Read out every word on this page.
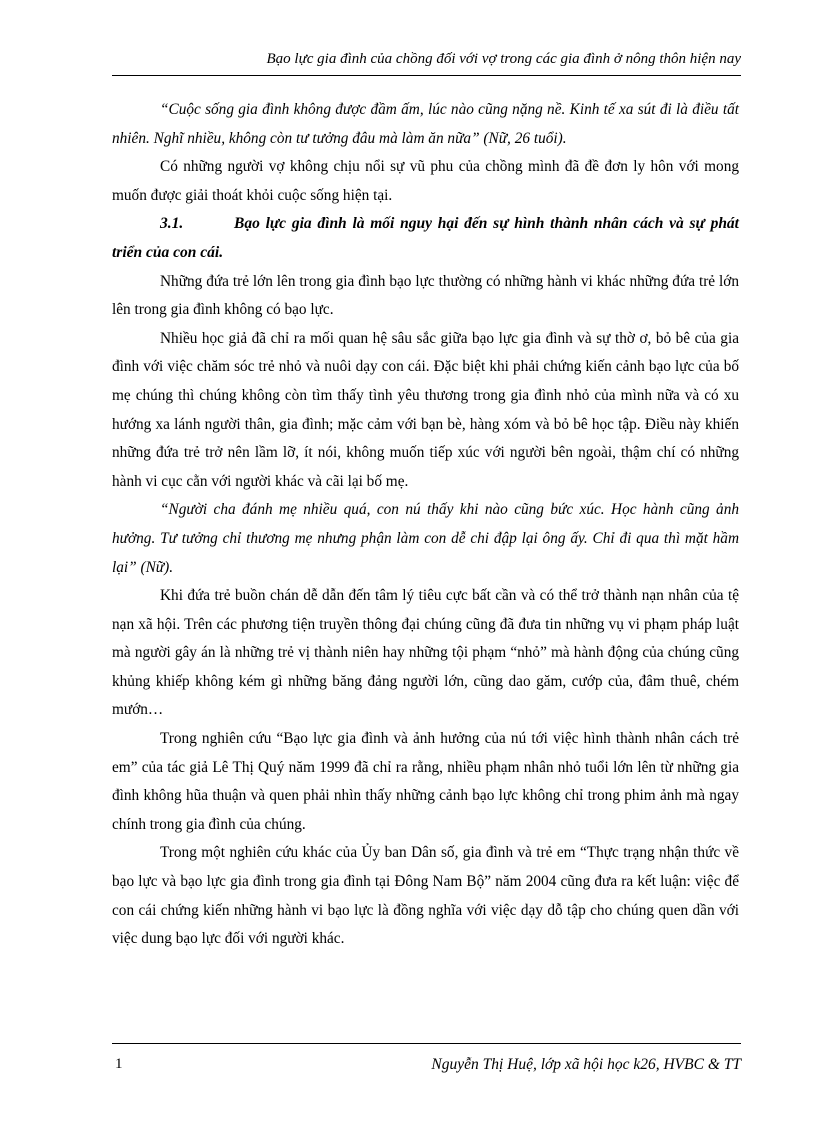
Bạo lực gia đình của chồng đối với vợ trong các gia đình ở nông thôn hiện nay

“Cuộc sống gia đình không được đầm ấm, lúc nào cũng nặng nề. Kinh tế xa sút đi là điều tất nhiên. Nghĩ nhiều, không còn tư tưởng đâu mà làm ăn nữa” (Nữ, 26 tuổi).

Có những người vợ không chịu nổi sự vũ phu của chồng mình đã đề đơn ly hôn với mong muốn được giải thoát khỏi cuộc sống hiện tại.

3.1.	Bạo lực gia đình là mối nguy hại đến sự hình thành nhân cách và sự phát triển của con cái.

Những đứa trẻ lớn lên trong gia đình bạo lực thường có những hành vi khác những đứa trẻ lớn lên trong gia đình không có bạo lực.

Nhiều học giả đã chỉ ra mối quan hệ sâu sắc giữa bạo lực gia đình và sự thờ ơ, bỏ bê của gia đình với việc chăm sóc trẻ nhỏ và nuôi dạy con cái. Đặc biệt khi phải chứng kiến cảnh bạo lực của bố mẹ chúng thì chúng không còn tìm thấy tình yêu thương trong gia đình nhỏ của mình nữa và có xu hướng xa lánh người thân, gia đình; mặc cảm với bạn bè, hàng xóm và bỏ bê học tập. Điều này khiến những đứa trẻ trở nên lầm lỡ, ít nói, không muốn tiếp xúc với người bên ngoài, thậm chí có những hành vi cục cằn với người khác và cãi lại bố mẹ.

“Người cha đánh mẹ nhiều quá, con nú thấy khi nào cũng bức xúc. Học hành cũng ảnh hưởng. Tư tưởng chỉ thương mẹ nhưng phận làm con dễ chi đập lại ông ấy. Chỉ đi qua thì mặt hầm lại” (Nữ).

Khi đứa trẻ buồn chán dễ dẫn đến tâm lý tiêu cực bất cần và có thể trở thành nạn nhân của tệ nạn xã hội. Trên các phương tiện truyền thông đại chúng cũng đã đưa tin những vụ vi phạm pháp luật mà người gây án là những trẻ vị thành niên hay những tội phạm “nhỏ” mà hành động của chúng cũng khủng khiếp không kém gì những băng đảng người lớn, cũng dao găm, cướp của, đâm thuê, chém mướn…

Trong nghiên cứu “Bạo lực gia đình và ảnh hưởng của nú tới việc hình thành nhân cách trẻ em” của tác giả Lê Thị Quý năm 1999 đã chỉ ra rằng, nhiều phạm nhân nhỏ tuổi lớn lên từ những gia đình không hũa thuận và quen phải nhìn thấy những cảnh bạo lực không chỉ trong phim ảnh mà ngay chính trong gia đình của chúng.

Trong một nghiên cứu khác của Ủy ban Dân số, gia đình và trẻ em “Thực trạng nhận thức về bạo lực và bạo lực gia đình trong gia đình tại Đông Nam Bộ” năm 2004 cũng đưa ra kết luận: việc để con cái chứng kiến những hành vi bạo lực là đồng nghĩa với việc dạy dỗ tập cho chúng quen dần với việc dung bạo lực đối với người khác.

1	Nguyễn Thị Huệ, lớp xã hội học k26, HVBC & TT
